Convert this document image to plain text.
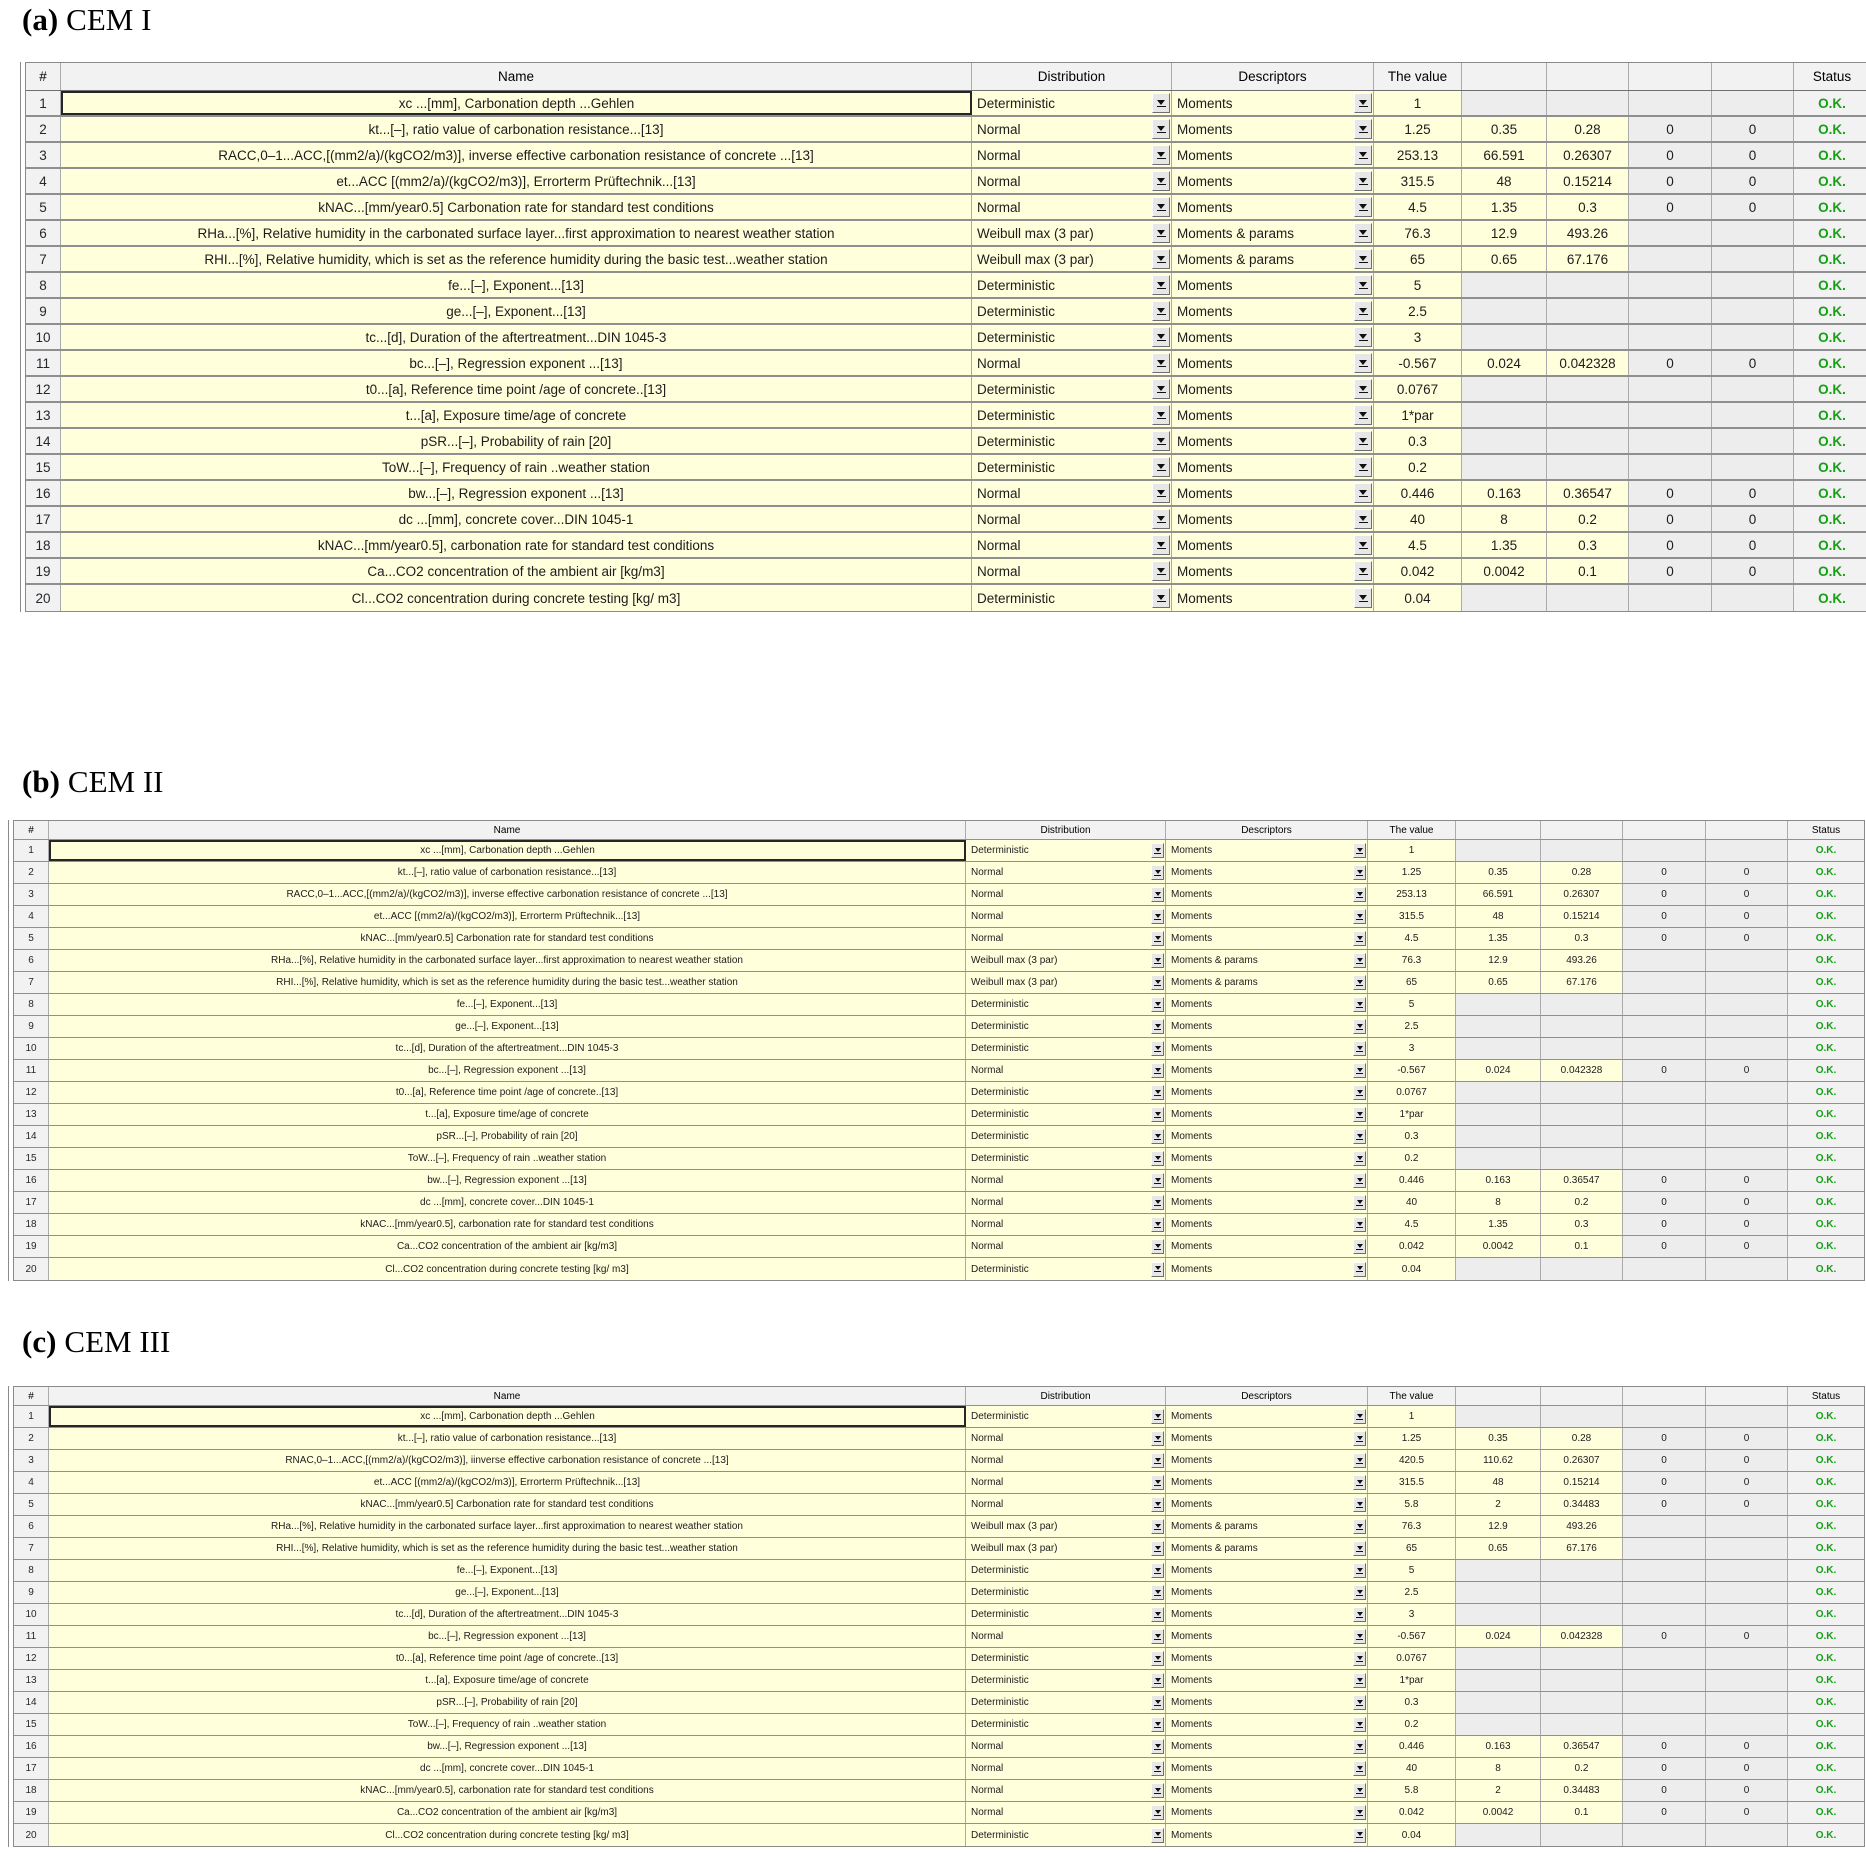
(a) CEM I
#	Name	Distribution	Descriptors	The value	Status
1	xc ...[mm], Carbonation depth ...Gehlen	Deterministic	Moments	1	O.K.
2	kt...[–], ratio value of carbonation resistance...[13]	Normal	Moments	1.25	0.35	0.28	0	0	O.K.
3	RACC,0–1...ACC,[(mm2/a)/(kgCO2/m3)], inverse effective carbonation resistance of concrete ...[13]	Normal	Moments	253.13	66.591	0.26307	0	0	O.K.
4	et...ACC [(mm2/a)/(kgCO2/m3)], Errorterm Prüftechnik...[13]	Normal	Moments	315.5	48	0.15214	0	0	O.K.
5	kNAC...[mm/year0.5] Carbonation rate for standard test conditions	Normal	Moments	4.5	1.35	0.3	0	0	O.K.
6	RHa...[%], Relative humidity in the carbonated surface layer...first approximation to nearest weather station	Weibull max (3 par)	Moments & params	76.3	12.9	493.26	O.K.
7	RHI...[%], Relative humidity, which is set as the reference humidity during the basic test...weather station	Weibull max (3 par)	Moments & params	65	0.65	67.176	O.K.
8	fe...[–], Exponent...[13]	Deterministic	Moments	5	O.K.
9	ge...[–], Exponent...[13]	Deterministic	Moments	2.5	O.K.
10	tc...[d], Duration of the aftertreatment...DIN 1045-3	Deterministic	Moments	3	O.K.
11	bc...[–], Regression exponent ...[13]	Normal	Moments	-0.567	0.024	0.042328	0	0	O.K.
12	t0...[a], Reference time point /age of concrete..[13]	Deterministic	Moments	0.0767	O.K.
13	t...[a], Exposure time/age of concrete	Deterministic	Moments	1*par	O.K.
14	pSR...[–], Probability of rain [20]	Deterministic	Moments	0.3	O.K.
15	ToW...[–], Frequency of rain ..weather station	Deterministic	Moments	0.2	O.K.
16	bw...[–], Regression exponent ...[13]	Normal	Moments	0.446	0.163	0.36547	0	0	O.K.
17	dc ...[mm], concrete cover...DIN 1045-1	Normal	Moments	40	8	0.2	0	0	O.K.
18	kNAC...[mm/year0.5], carbonation rate for standard test conditions	Normal	Moments	4.5	1.35	0.3	0	0	O.K.
19	Ca...CO2 concentration of the ambient air [kg/m3]	Normal	Moments	0.042	0.0042	0.1	0	0	O.K.
20	Cl...CO2 concentration during concrete testing [kg/ m3]	Deterministic	Moments	0.04	O.K.
(b) CEM II
#	Name	Distribution	Descriptors	The value	Status
1	xc ...[mm], Carbonation depth ...Gehlen	Deterministic	Moments	1	O.K.
2	kt...[–], ratio value of carbonation resistance...[13]	Normal	Moments	1.25	0.35	0.28	0	0	O.K.
3	RACC,0–1...ACC,[(mm2/a)/(kgCO2/m3)], inverse effective carbonation resistance of concrete ...[13]	Normal	Moments	253.13	66.591	0.26307	0	0	O.K.
4	et...ACC [(mm2/a)/(kgCO2/m3)], Errorterm Prüftechnik...[13]	Normal	Moments	315.5	48	0.15214	0	0	O.K.
5	kNAC...[mm/year0.5] Carbonation rate for standard test conditions	Normal	Moments	4.5	1.35	0.3	0	0	O.K.
6	RHa...[%], Relative humidity in the carbonated surface layer...first approximation to nearest weather station	Weibull max (3 par)	Moments & params	76.3	12.9	493.26	O.K.
7	RHI...[%], Relative humidity, which is set as the reference humidity during the basic test...weather station	Weibull max (3 par)	Moments & params	65	0.65	67.176	O.K.
8	fe...[–], Exponent...[13]	Deterministic	Moments	5	O.K.
9	ge...[–], Exponent...[13]	Deterministic	Moments	2.5	O.K.
10	tc...[d], Duration of the aftertreatment...DIN 1045-3	Deterministic	Moments	3	O.K.
11	bc...[–], Regression exponent ...[13]	Normal	Moments	-0.567	0.024	0.042328	0	0	O.K.
12	t0...[a], Reference time point /age of concrete..[13]	Deterministic	Moments	0.0767	O.K.
13	t...[a], Exposure time/age of concrete	Deterministic	Moments	1*par	O.K.
14	pSR...[–], Probability of rain [20]	Deterministic	Moments	0.3	O.K.
15	ToW...[–], Frequency of rain ..weather station	Deterministic	Moments	0.2	O.K.
16	bw...[–], Regression exponent ...[13]	Normal	Moments	0.446	0.163	0.36547	0	0	O.K.
17	dc ...[mm], concrete cover...DIN 1045-1	Normal	Moments	40	8	0.2	0	0	O.K.
18	kNAC...[mm/year0.5], carbonation rate for standard test conditions	Normal	Moments	4.5	1.35	0.3	0	0	O.K.
19	Ca...CO2 concentration of the ambient air [kg/m3]	Normal	Moments	0.042	0.0042	0.1	0	0	O.K.
20	Cl...CO2 concentration during concrete testing [kg/ m3]	Deterministic	Moments	0.04	O.K.
(c) CEM III
#	Name	Distribution	Descriptors	The value	Status
1	xc ...[mm], Carbonation depth ...Gehlen	Deterministic	Moments	1	O.K.
2	kt...[–], ratio value of carbonation resistance...[13]	Normal	Moments	1.25	0.35	0.28	0	0	O.K.
3	RNAC,0–1...ACC,[(mm2/a)/(kgCO2/m3)], iinverse effective carbonation resistance of concrete ...[13]	Normal	Moments	420.5	110.62	0.26307	0	0	O.K.
4	et...ACC [(mm2/a)/(kgCO2/m3)], Errorterm Prüftechnik...[13]	Normal	Moments	315.5	48	0.15214	0	0	O.K.
5	kNAC...[mm/year0.5] Carbonation rate for standard test conditions	Normal	Moments	5.8	2	0.34483	0	0	O.K.
6	RHa...[%], Relative humidity in the carbonated surface layer...first approximation to nearest weather station	Weibull max (3 par)	Moments & params	76.3	12.9	493.26	O.K.
7	RHI...[%], Relative humidity, which is set as the reference humidity during the basic test...weather station	Weibull max (3 par)	Moments & params	65	0.65	67.176	O.K.
8	fe...[–], Exponent...[13]	Deterministic	Moments	5	O.K.
9	ge...[–], Exponent...[13]	Deterministic	Moments	2.5	O.K.
10	tc...[d], Duration of the aftertreatment...DIN 1045-3	Deterministic	Moments	3	O.K.
11	bc...[–], Regression exponent ...[13]	Normal	Moments	-0.567	0.024	0.042328	0	0	O.K.
12	t0...[a], Reference time point /age of concrete..[13]	Deterministic	Moments	0.0767	O.K.
13	t...[a], Exposure time/age of concrete	Deterministic	Moments	1*par	O.K.
14	pSR...[–], Probability of rain [20]	Deterministic	Moments	0.3	O.K.
15	ToW...[–], Frequency of rain ..weather station	Deterministic	Moments	0.2	O.K.
16	bw...[–], Regression exponent ...[13]	Normal	Moments	0.446	0.163	0.36547	0	0	O.K.
17	dc ...[mm], concrete cover...DIN 1045-1	Normal	Moments	40	8	0.2	0	0	O.K.
18	kNAC...[mm/year0.5], carbonation rate for standard test conditions	Normal	Moments	5.8	2	0.34483	0	0	O.K.
19	Ca...CO2 concentration of the ambient air [kg/m3]	Normal	Moments	0.042	0.0042	0.1	0	0	O.K.
20	Cl...CO2 concentration during concrete testing [kg/ m3]	Deterministic	Moments	0.04	O.K.
